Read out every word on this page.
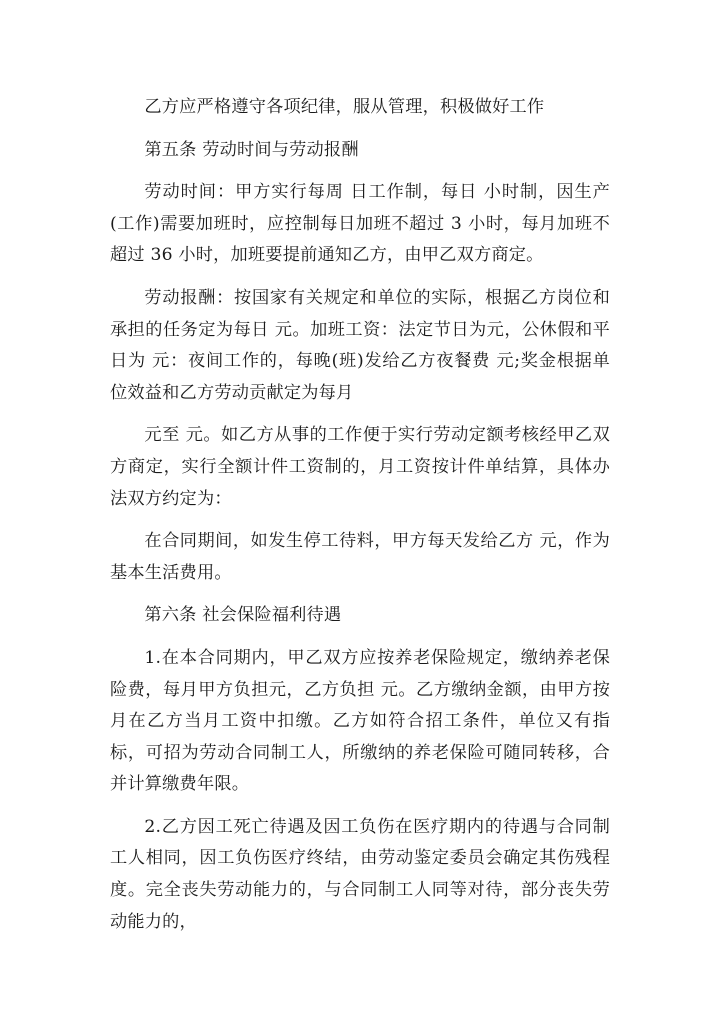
乙方应严格遵守各项纪律，服从管理，积极做好工作

第五条 劳动时间与劳动报酬

劳动时间：甲方实行每周 日工作制，每日 小时制，因生产(工作)需要加班时，应控制每日加班不超过 3 小时，每月加班不超过 36 小时，加班要提前通知乙方，由甲乙双方商定。

劳动报酬：按国家有关规定和单位的实际，根据乙方岗位和承担的任务定为每日 元。加班工资：法定节日为元，公休假和平日为 元：夜间工作的，每晚(班)发给乙方夜餐费 元;奖金根据单位效益和乙方劳动贡献定为每月

元至 元。如乙方从事的工作便于实行劳动定额考核经甲乙双方商定，实行全额计件工资制的，月工资按计件单结算，具体办法双方约定为：

在合同期间，如发生停工待料，甲方每天发给乙方 元，作为基本生活费用。

第六条 社会保险福利待遇

1.在本合同期内，甲乙双方应按养老保险规定，缴纳养老保险费，每月甲方负担元，乙方负担 元。乙方缴纳金额，由甲方按月在乙方当月工资中扣缴。乙方如符合招工条件，单位又有指标，可招为劳动合同制工人，所缴纳的养老保险可随同转移，合并计算缴费年限。

2.乙方因工死亡待遇及因工负伤在医疗期内的待遇与合同制工人相同，因工负伤医疗终结，由劳动鉴定委员会确定其伤残程度。完全丧失劳动能力的，与合同制工人同等对待，部分丧失劳动能力的，
